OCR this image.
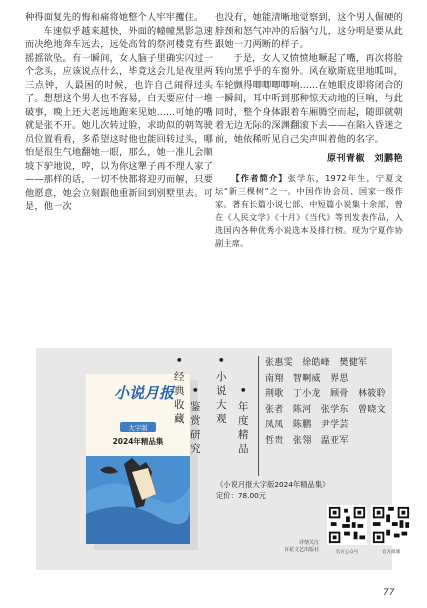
种得面复先的悔和痛将她整个人牢牢攫住。

车速似乎越来越快，外面的幢幢黑影急速而决绝地奔车远去，远处高耸的祭河楼竟有些摇摇欲坠。有一瞬间，女人脑子里确实闪过一个念头，应该说点什么，毕竟这会儿是夜里两三点钟，人最困的时候，也许自己闹得过头了。想想这个男人也不容易，白天要应付一堆破事，晚上还大老远地跑来见她……可她的嘴就是张不开。她儿次转过脸，求助似的朝驾驶员位置看看，多希望这时他也能回转过头，哪怕是很生气地翻她一眼，那么，她一准儿会顺坡下驴地说，哼，以为你这犟子再不理人家了——那样的话，一切不快都将迎刃而解，只要他愿意，她会立刻跟他重新回到别墅里去。可是，他一次

也没有，她能清晰地觉察到，这个男人倔硬的脖颈和怒气冲冲的后脑勺儿，这分明是要从此跟她一刀两断的样子。

于是，女人又愤愤地噘起了嘴，再次将脸转向黑乎乎的车窗外。风在歇斯底里地呱叫，车轮颤得唧唧唧唧响……在她眼皮即将闭合的一瞬间，耳中听到那种惊天动地的巨响，与此同时，整个身体跟着车厢腾空而起，随即就朝着无边无际的深渊翻滚下去——在陷入昏迷之前，她依稀听见自己尖声叫着他的名字。

原刊青椒　刘鹏艳

【作者简介】张学东，1972年生，宁夏文坛“新三棵树”之一。中国作协会员、国家一级作家。著有长篇小说七部、中短篇小说集十余部，曾在《人民文学》《十月》《当代》等刊发表作品，入选国内各种优秀小说选本及排行榜。现为宁夏作协副主席。

小说月报
大字版
2024年精品集
•
经
典
收
藏
•
鉴
赏
研
究
•
小
说
大
观
•
年
度
精
品
张惠雯　徐皓峰　樊健军
南翔　智啊威　界思
荆歌　丁小龙　顾骨　林筱聆
张者　陈河　张学东　曾晓文
凤凤　陈鹏　尹学芸
哲贵　张翎　温亚军
《小说月报大字版2024年精品集》
定价：78.00元
详情关注
百花文艺出版社	官方公众号	官方商城
77
